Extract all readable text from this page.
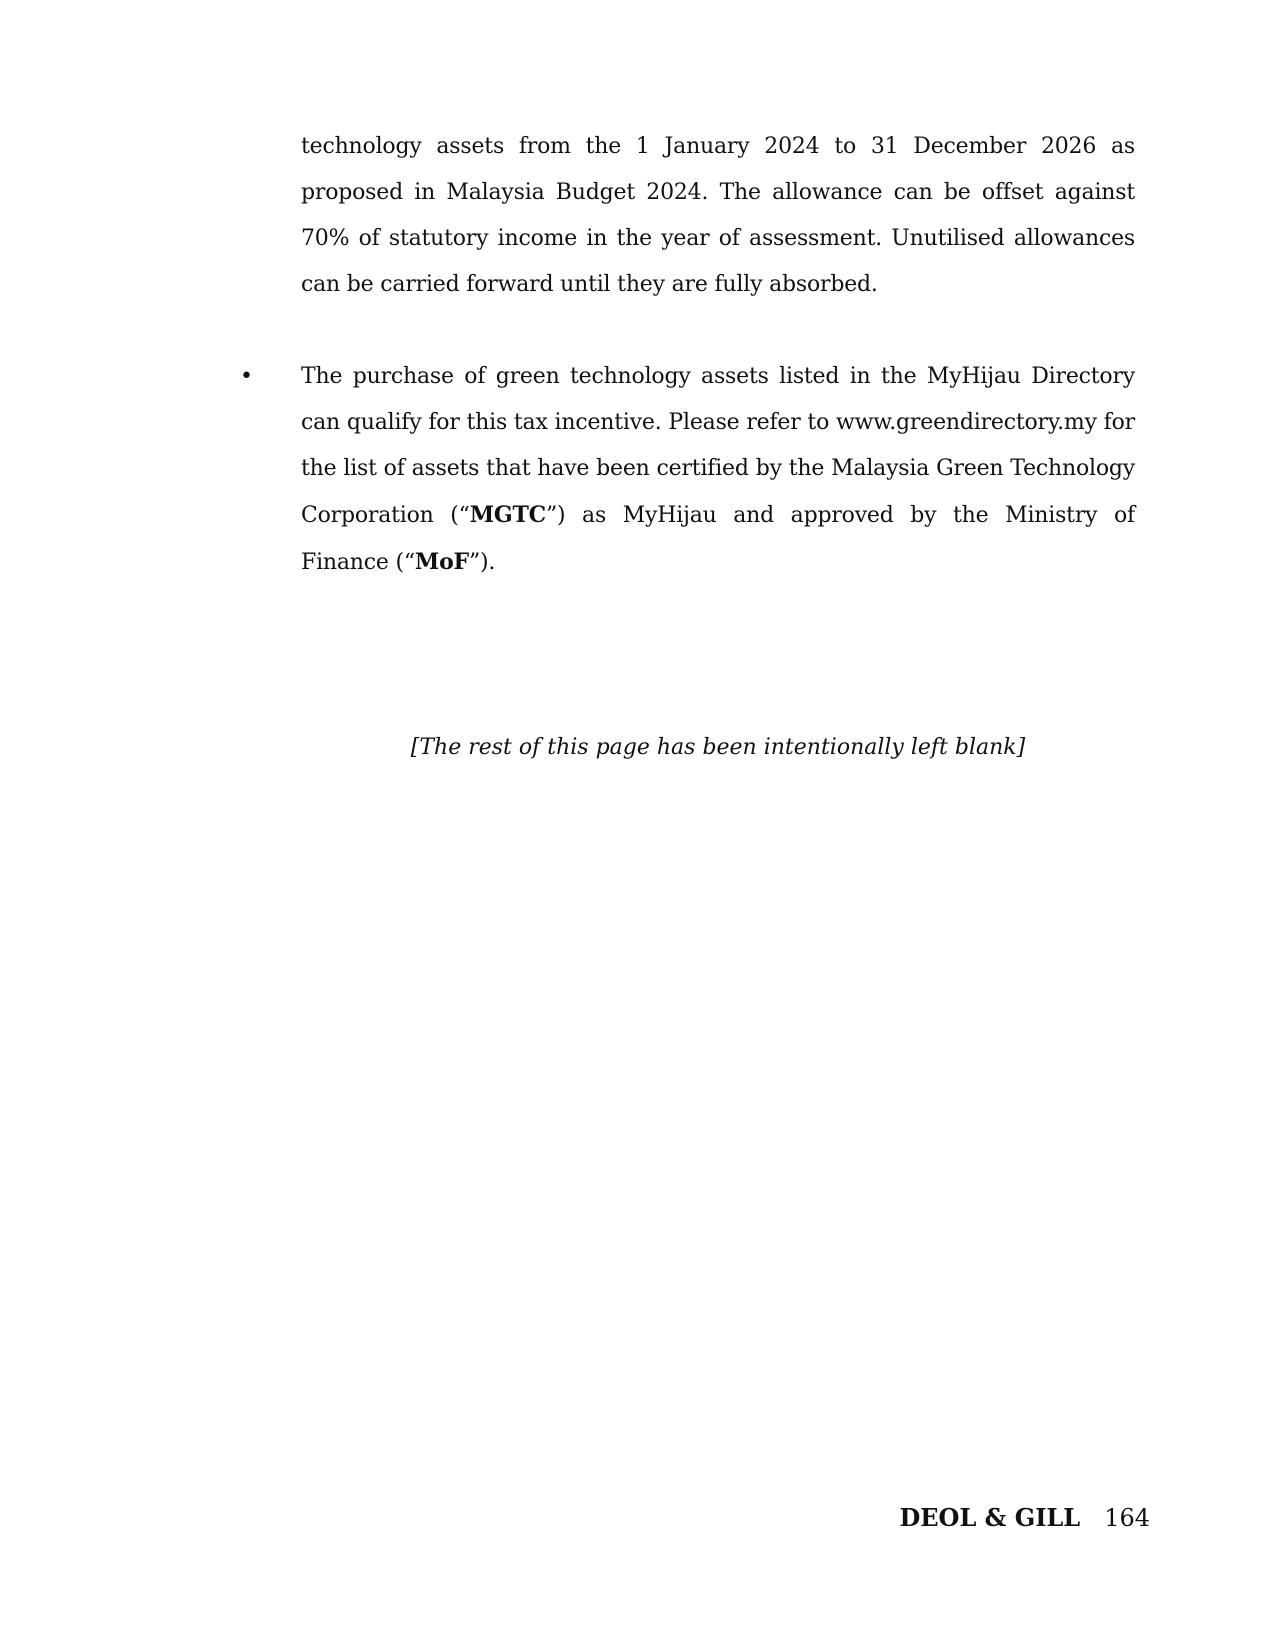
technology assets from the 1 January 2024 to 31 December 2026 as proposed in Malaysia Budget 2024. The allowance can be offset against 70% of statutory income in the year of assessment. Unutilised allowances can be carried forward until they are fully absorbed.

•	The purchase of green technology assets listed in the MyHijau Directory can qualify for this tax incentive. Please refer to www.greendirectory.my for the list of assets that have been certified by the Malaysia Green Technology Corporation (“MGTC”) as MyHijau and approved by the Ministry of Finance (“MoF”).

[The rest of this page has been intentionally left blank]

DEOL & GILL 164
